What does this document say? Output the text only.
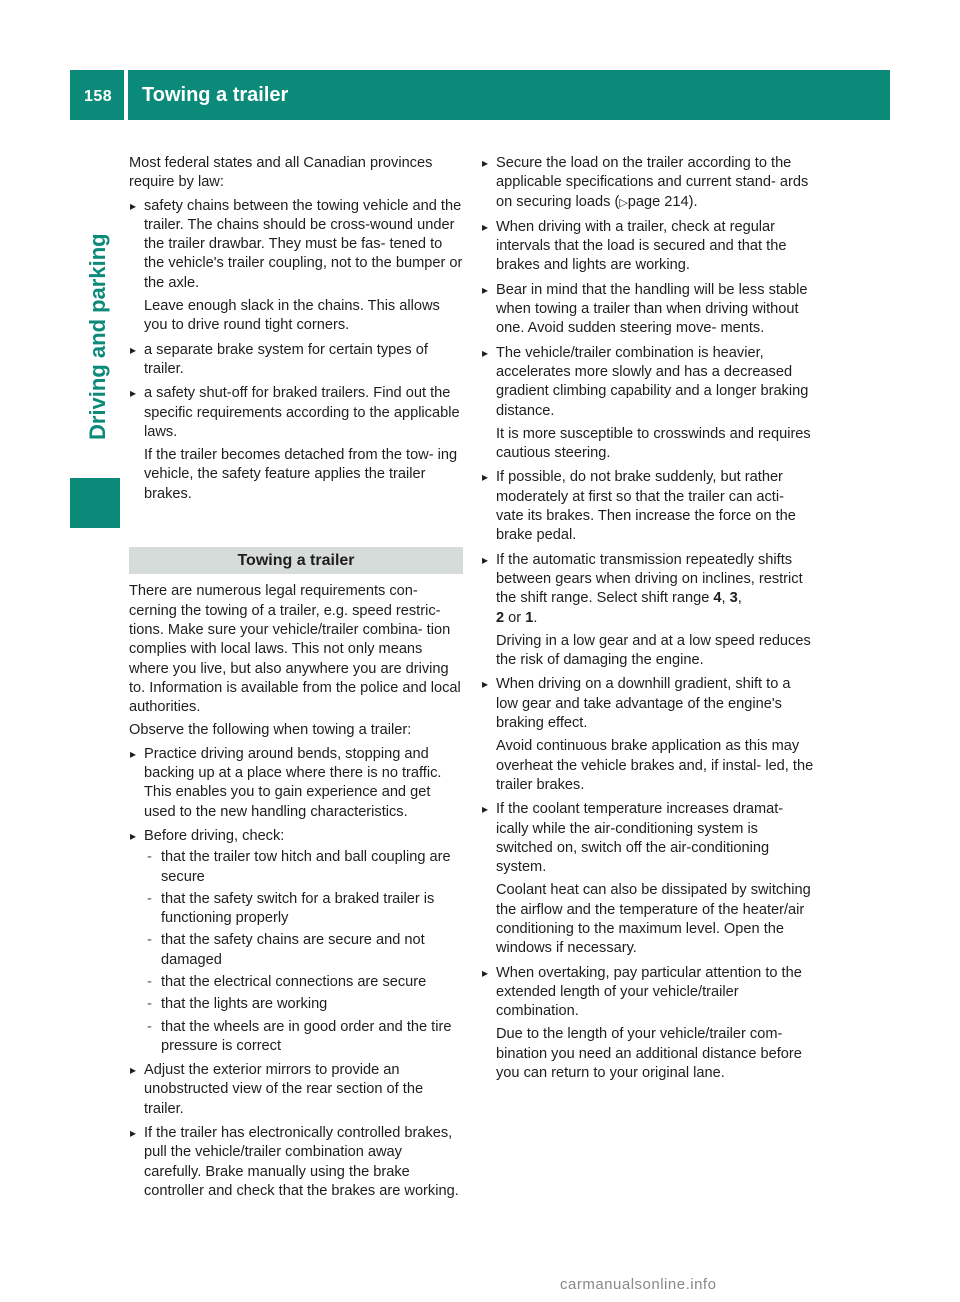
158 Towing a trailer
Driving and parking

Most federal states and all Canadian provinces require by law:

▸ safety chains between the towing vehicle and the trailer. The chains should be cross-wound under the trailer drawbar. They must be fas- tened to the vehicle's trailer coupling, not to the bumper or the axle.
Leave enough slack in the chains. This allows you to drive round tight corners.
▸ a separate brake system for certain types of trailer.
▸ a safety shut-off for braked trailers. Find out the specific requirements according to the applicable laws.
If the trailer becomes detached from the tow- ing vehicle, the safety feature applies the trailer brakes.
Towing a trailer

There are numerous legal requirements con- cerning the towing of a trailer, e.g. speed restric- tions. Make sure your vehicle/trailer combina- tion complies with local laws. This not only means where you live, but also anywhere you are driving to. Information is available from the police and local authorities.

Observe the following when towing a trailer:

▸ Practice driving around bends, stopping and backing up at a place where there is no traffic. This enables you to gain experience and get used to the new handling characteristics.
▸ Before driving, check:
- that the trailer tow hitch and ball coupling are secure
- that the safety switch for a braked trailer is functioning properly
- that the safety chains are secure and not damaged
- that the electrical connections are secure
- that the lights are working
- that the wheels are in good order and the tire pressure is correct
▸ Adjust the exterior mirrors to provide an unobstructed view of the rear section of the trailer.
▸ If the trailer has electronically controlled brakes, pull the vehicle/trailer combination away carefully. Brake manually using the brake controller and check that the brakes are working.
▸ Secure the load on the trailer according to the applicable specifications and current stand- ards on securing loads (▷page 214).
▸ When driving with a trailer, check at regular intervals that the load is secured and that the brakes and lights are working.
▸ Bear in mind that the handling will be less stable when towing a trailer than when driving without one. Avoid sudden steering move- ments.
▸ The vehicle/trailer combination is heavier, accelerates more slowly and has a decreased gradient climbing capability and a longer braking distance.
It is more susceptible to crosswinds and requires cautious steering.
▸ If possible, do not brake suddenly, but rather moderately at first so that the trailer can acti- vate its brakes. Then increase the force on the brake pedal.
▸ If the automatic transmission repeatedly shifts between gears when driving on inclines, restrict the shift range. Select shift range 4, 3,
2 or 1.
Driving in a low gear and at a low speed reduces the risk of damaging the engine.
▸ When driving on a downhill gradient, shift to a low gear and take advantage of the engine's braking effect.
Avoid continuous brake application as this may overheat the vehicle brakes and, if instal- led, the trailer brakes.
▸ If the coolant temperature increases dramat- ically while the air-conditioning system is switched on, switch off the air-conditioning system.
Coolant heat can also be dissipated by switching the airflow and the temperature of the heater/air conditioning to the maximum level. Open the windows if necessary.
▸ When overtaking, pay particular attention to the extended length of your vehicle/trailer combination.
Due to the length of your vehicle/trailer com- bination you need an additional distance before you can return to your original lane.
carmanualsonline.info
